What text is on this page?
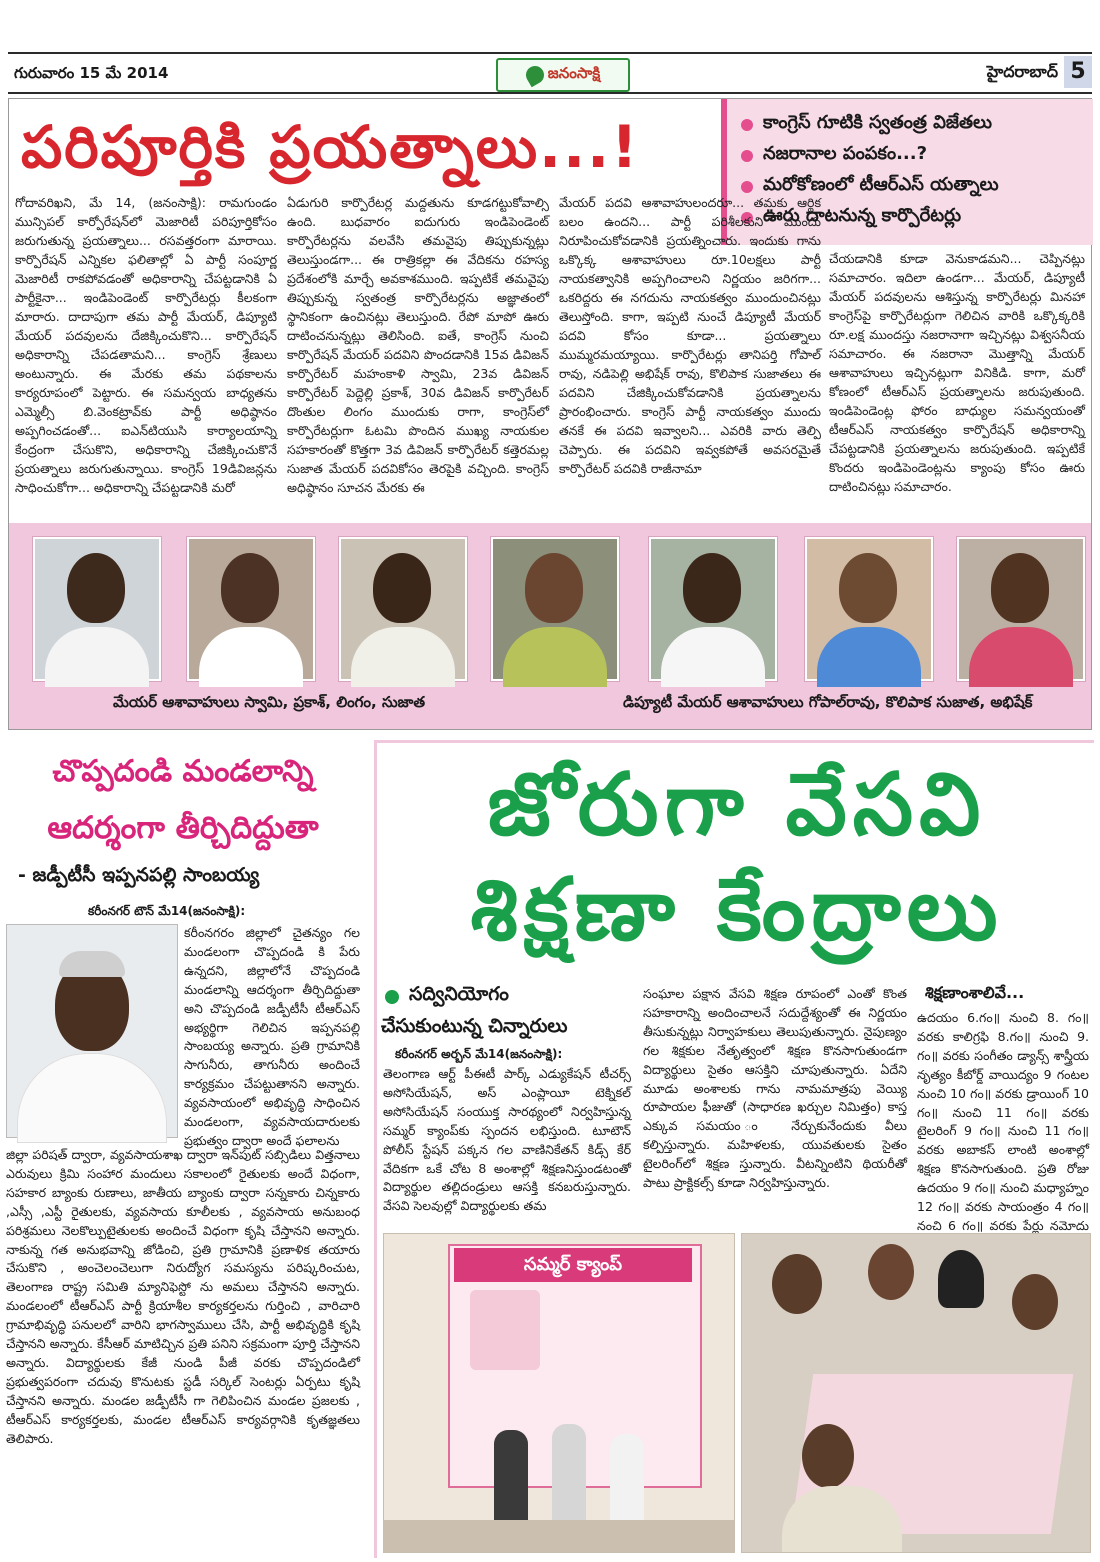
గురువారం 15 మే 2014	జనంసాక్షి	హైదరాబాద్ 5
పరిపూర్తికి ప్రయత్నాలు...!	కాంగ్రెస్ గూటికి స్వతంత్ర విజేతలు
నజరానాల పంపకం...?
మరోకోణంలో టీఆర్ఎస్ యత్నాలు
ఊరు దాటనున్న కార్పొరేటర్లు
గోదావరిఖని, మే 14, (జనంసాక్షి): రామగుండం మున్సిపల్ కార్పోరేషన్‌లో మెజారిటీ పరిపూర్తికోసం జరుగుతున్న ప్రయత్నాలు... రసవత్తరంగా మారాయి. కార్పొరేషన్ ఎన్నికల ఫలితాల్లో ఏ పార్టీ సంపూర్ణ మెజారిటీ రాకపోవడంతో అధికారాన్ని చేపట్టడానికి ఏ పార్టీకైనా... ఇండిపెండెంట్ కార్పొరేటర్లు కీలకంగా మారారు. దాదాపుగా తమ పార్టీ మేయర్, డిప్యూటి మేయర్ పదవులను దేజిక్కించుకొని... కార్పొరేషన్ అధికారాన్ని చేపడతామని... కాంగ్రెస్ శ్రేణులు అంటున్నారు. ఈ మేరకు తమ పథకాలను కార్యరూపంలో పెట్టారు. ఈ సమన్వయ బాధ్యతను ఎమ్మెల్సీ బి.వెంకట్రావ్‌కు పార్టీ అధిష్ఠానం అప్పగించడంతో... ఐఎన్‌టియుసి కార్యాలయాన్ని కేంద్రంగా చేసుకొని, అధికారాన్ని చేజిక్కించుకొనే ప్రయత్నాలు జరుగుతున్నాయి. కాంగ్రెస్ 19డివిజన్లను సాధించుకోగా... అధికారాన్ని చేపట్టడానికి మరో
ఏడుగురి కార్పొరేటర్ల మద్దతును కూడగట్టుకోవాల్సి ఉంది. బుధవారం ఐదుగురు ఇండిపెండెంట్ కార్పొరేటర్లను వలవేసి తమవైపు తిప్పుకున్నట్లు తెలుస్తుండగా... ఈ రాత్రికల్లా ఈ వేదికను రహస్య ప్రదేశంలోకి మార్చే అవకాశముంది. ఇప్పటికే తమవైపు తిప్పుకున్న స్వతంత్ర కార్పొరేటర్లను అజ్ఞాతంలో స్థానికంగా ఉంచినట్లు తెలుస్తుంది. రేపో మాపో ఊరు దాటించనున్నట్లు తెలిసింది. ఐతే, కాంగ్రెస్ నుంచి కార్పొరేషన్ మేయర్ పదవిని పొందడానికి 15వ డివిజన్ కార్పొరేటర్ మహంకాళి స్వామి, 23వ డివిజన్ కార్పొరేటర్ పెద్దెల్లి ప్రకాశ్, 30వ డివిజన్ కార్పొరేటర్ దొంతుల లింగం ముందుకు రాగా, కాంగ్రెస్‌లో కార్పొరేటర్లుగా ఓటమి పొందిన ముఖ్య నాయకుల సహకారంతో కొత్తగా 3వ డివిజన్ కార్పొరేటర్ కత్తెరమల్ల సుజాత మేయర్ పదవికోసం తెరపైకి వచ్చింది. కాంగ్రెస్ అధిష్ఠానం సూచన మేరకు ఈ
మేయర్ పదవి ఆశావాహులందరూ... తమకు ఆర్థిక బలం ఉందని... పార్టీ పరిశీలకుని ముందు నిరూపించుకోవడానికి ప్రయత్నించారు. ఇందుకు గాను ఒక్కొక్క ఆశావాహులు రూ.10లక్షలు పార్టీ నాయకత్వానికి అప్పగించాలని నిర్ణయం జరిగగా... ఒకరిద్దరు ఈ నగదును నాయకత్వం ముందుంచినట్లు తెలుస్తోంది. కాగా, ఇప్పటి నుంచే డిప్యూటీ మేయర్ పదవి కోసం కూడా... ప్రయత్నాలు ముమ్మరమయ్యాయి. కార్పొరేటర్లు తానిపర్తి గోపాల్ రావు, నడిపెల్లి అభిషేక్ రావు, కొలిపాక సుజాతలు ఈ పదవిని చేజిక్కించుకోవడానికి ప్రయత్నాలను ప్రారంభించారు. కాంగ్రెస్ పార్టీ నాయకత్వం ముందు తనకే ఈ పదవి ఇవ్వాలని... ఎవరికి వారు తెల్పి చెప్పారు. ఈ పదవిని ఇవ్వకపోతే అవసరమైతే కార్పొరేటర్ పదవికి రాజీనామా
చేయడానికి కూడా వెనుకాడమని... చెప్పినట్లు సమాచారం. ఇదిలా ఉండగా... మేయర్, డిప్యూటీ మేయర్ పదవులను ఆశిస్తున్న కార్పొరేటర్లు మినహా కాంగ్రెస్‌పై కార్పొరేటర్లుగా గెలిచిన వారికి ఒక్కొక్కరికి రూ.లక్ష ముందస్తు నజరానాగా ఇచ్చినట్లు విశ్వసనీయ సమాచారం. ఈ నజరానా మొత్తాన్ని మేయర్ ఆశావాహులు ఇచ్చినట్లుగా వినికిడి. కాగా, మరో కోణంలో టీఆర్ఎస్ ప్రయత్నాలను జరుపుతుంది. ఇండిపెండెంట్ల ఫోరం బాధ్యుల సమన్వయంతో టీఆర్ఎస్ నాయకత్వం కార్పొరేషన్ అధికారాన్ని చేపట్టడానికి ప్రయత్నాలను జరుపుతుంది. ఇప్పటికే కొందరు ఇండిపెండెంట్లను క్యాంపు కోసం ఊరు దాటించినట్లు సమాచారం.
మేయర్ ఆశావాహులు స్వామి, ప్రకాశ్, లింగం, సుజాత	డిప్యూటీ మేయర్ ఆశావాహులు గోపాల్‌రావు, కొలిపాక సుజాత, అభిషేక్
చొప్పదండి మండలాన్ని
ఆదర్శంగా తీర్చిదిద్దుతా
- జడ్పీటీసీ ఇప్పనపల్లి సాంబయ్య
కరీంనగర్ టౌన్ మే14(జనంసాక్షి):
కరీంనగరం జిల్లాలో చైతన్యం గల మండలంగా చొప్పదండి కి పేరు ఉన్నదని, జిల్లాలోనే చొప్పదండి మండలాన్ని ఆదర్శంగా తీర్చిదిద్దుతా అని చొప్పదండి జడ్పీటీసీ టీఆర్ఎస్ అభ్యర్థిగా గెలిచిన ఇప్పనపల్లి సాంబయ్య అన్నారు. ప్రతి గ్రామానికి సాగునీరు, తాగునీరు అందించే కార్యక్రమం చేపట్టుతానని అన్నారు. వ్యవసాయంలో అభివృద్ధి సాధించిన మండలంగా, వ్యవసాయదారులకు ప్రభుత్వం ద్వారా అందే ఫలాలను
జిల్లా పరిషత్ ద్వారా, వ్యవసాయశాఖ ద్వారా ఇన్‌పుట్ సబ్సిడిలు విత్తనాలు ఎరువులు క్రిమి సంహార మందులు సకాలంలో రైతులకు అందే విధంగా, సహకార బ్యాంకు రుణాలు, జాతీయ బ్యాంకు ద్వారా సన్నకారు చిన్నకారు ,ఎస్సీ ,ఎస్టీ రైతులకు, వ్యవసాయ కూలీలకు , వ్యవసాయ అనుబంధ పరిశ్రమలు నెలకొల్పుటైతులకు అందించే విధంగా కృషి చేస్తానని అన్నారు. నాకున్న గత అనుభవాన్ని జోడించి, ప్రతి గ్రామానికి ప్రణాళిక తయారు చేసుకొని , అంచెలంచెలుగా నిరుద్యోగ సమస్యను పరిష్కరించుట, తెలంగాణ రాష్ట్ర సమితి మ్యానిఫెస్టో ను అమలు చేస్తానని అన్నారు. మండలంలో టీఆర్ఎస్ పార్టీ క్రియాశీల కార్యకర్తలను గుర్తించి , వారిచారి గ్రామాభివృద్ధి పనులలో వారిని భాగస్వాములు చేసి, పార్టీ అభివృద్ధికి కృషి చేస్తానని అన్నారు. కేసీఆర్ మాటిచ్చిన ప్రతి పనిని సక్రమంగా పూర్తి చేస్తానని అన్నారు. విద్యార్థులకు కేజీ నుండి పీజీ వరకు చొప్పదండిలో ప్రభుత్వపరంగా చదువు కొనుటకు స్టడీ సర్కిల్ సెంటర్లు ఏర్పటు కృషి చేస్తానని అన్నారు. మండల జడ్పీటీసీ గా గెలిపించిన మండల ప్రజలకు , టీఆర్ఎస్ కార్యకర్తలకు, మండల టీఆర్ఎస్ కార్యవర్గానికి కృతజ్ఞతలు తెలిపారు.
జోరుగా వేసవి
శిక్షణా కేంద్రాలు
సద్వినియోగం
చేసుకుంటున్న చిన్నారులు
కరీంనగర్ అర్బన్ మే14(జనంసాక్షి):
తెలంగాణ ఆర్ట్ పీఈటీ పార్క్ ఎడ్యుకేషన్ టీచర్స్ అసోసియేషన్, అస్ ఎంప్లాయీ టెక్నికల్ అసోసియేషన్ సంయుక్త సారథ్యంలో నిర్వహిస్తున్న సమ్మర్ క్యాంప్‌కు స్పందన లభిస్తుంది. టూటౌన్ పోలీస్ స్టేషన్ పక్కన గల వాణినికేతన్ కిడ్స్ కేర్ వేదికగా ఒకే చోట 8 అంశాల్లో శిక్షణనిస్తుండటంతో విద్యార్థుల తల్లిదండ్రులు ఆసక్తి కనబరుస్తున్నారు. వేసవి సెలవుల్లో విద్యార్థులకు తమ
సంఘాల పక్షాన వేసవి శిక్షణ రూపంలో ఎంతో కొంత సహకారాన్ని అందించాలనే సదుద్దేశ్యంతో ఈ నిర్ణయం తీసుకున్నట్లు నిర్వాహకులు తెలుపుతున్నారు. నైపుణ్యం గల శిక్షకుల నేతృత్వంలో శిక్షణ కొనసాగుతుండగా విద్యార్థులు సైతం ఆసక్తిని చూపుతున్నారు. ఏదేని మూడు అంశాలకు గాను నామమాత్రపు వెయ్యి రూపాయల ఫీజుతో (సాధారణ ఖర్చుల నిమిత్తం) కాస్త ఎక్కువ సమయం ం నేర్చుకునేందుకు వీలు కల్పిస్తున్నారు. మహిళలకు, యువతులకు సైతం టైలరింగ్‌లో శిక్షణ స్తున్నారు. వీటన్నింటిని థియరీతో పాటు ప్రాక్టికల్స్ కూడా నిర్వహిస్తున్నారు.
శిక్షణాంశాలివే...
ఉదయం 6.గం॥ నుంచి 8. గం॥ వరకు కాలిగ్రఫి 8.గం॥ నుంచి 9. గం॥ వరకు సంగీతం డ్యాన్స్ శాస్త్రీయ నృత్యం కీబోర్డ్ వాయిద్యం 9 గంటల నుంచి 10 గం॥ వరకు డ్రాయింగ్ 10 గం॥ నుంచి 11 గం॥ వరకు టైలరింగ్ 9 గం॥ నుంచి 11 గం॥ వరకు అబాకస్ లాంటి అంశాల్లో శిక్షణ కొనసాగుతుంది. ప్రతి రోజు ఉదయం 9 గం॥ నుంచి మధ్యాహ్నం 12 గం॥ వరకు సాయంత్రం 4 గం॥ నంచి 6 గం॥ వరకు పేర్లు నమోదు
సమ్మర్ క్యాంప్
